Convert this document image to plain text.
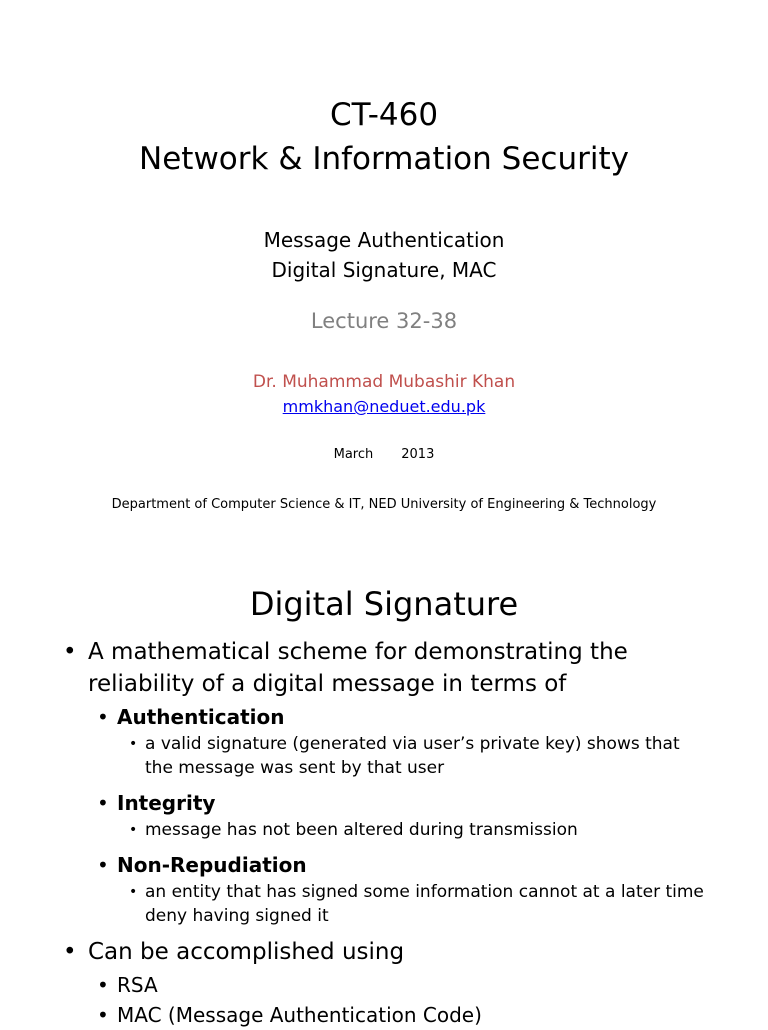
CT-460
Network & Information Security
Message Authentication
Digital Signature, MAC
Lecture 32-38
Dr. Muhammad Mubashir Khan
mmkhan@neduet.edu.pk
March 2013
Department of Computer Science & IT, NED University of Engineering & Technology
Digital Signature
• A mathematical scheme for demonstrating the reliability of a digital message in terms of
• Authentication
• a valid signature (generated via user’s private key) shows that the message was sent by that user
• Integrity
• message has not been altered during transmission
• Non-Repudiation
• an entity that has signed some information cannot at a later time deny having signed it
• Can be accomplished using
• RSA
• MAC (Message Authentication Code)
